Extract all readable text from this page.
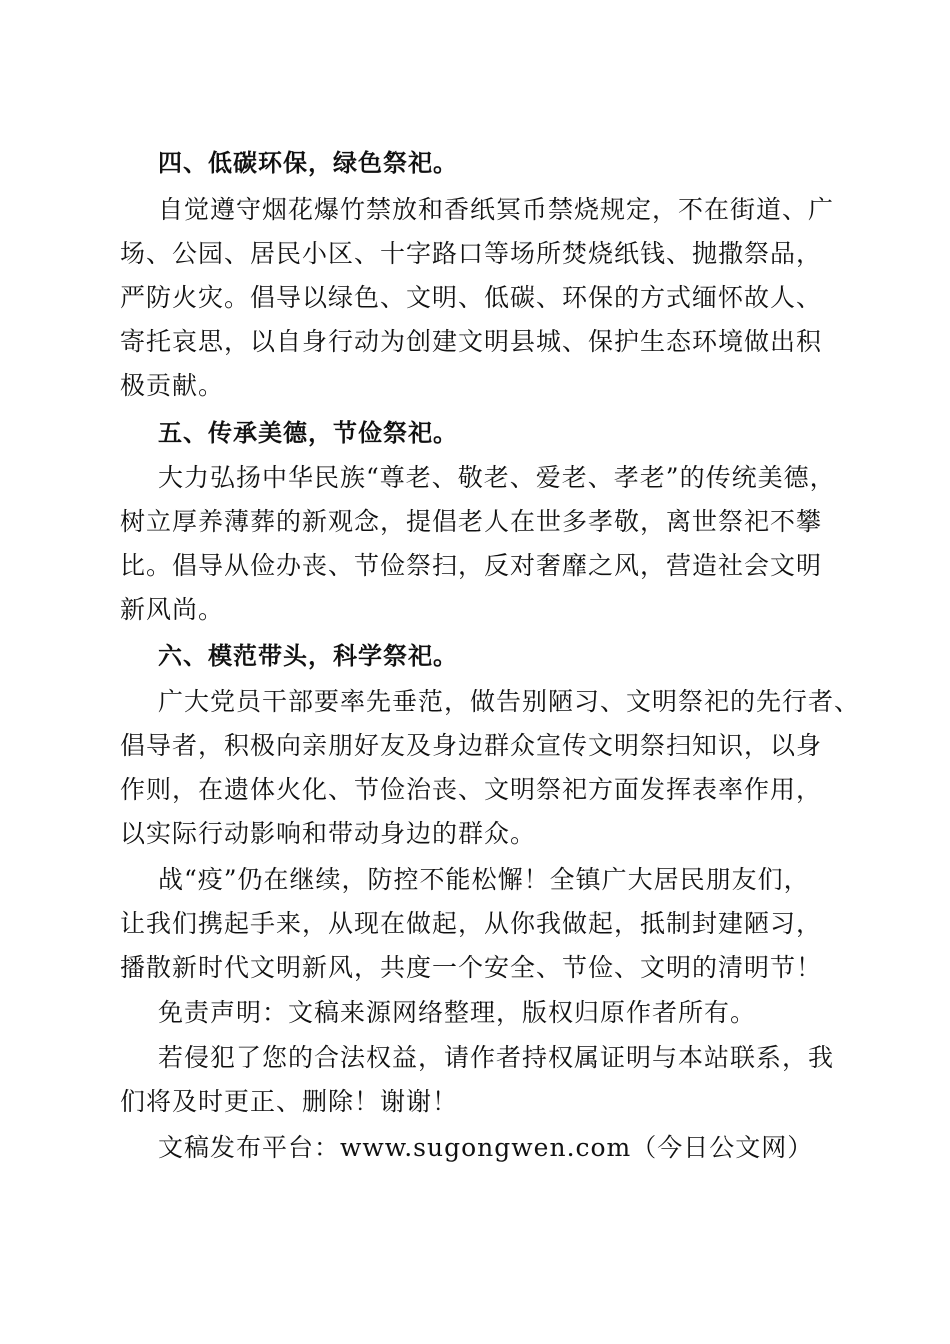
四、低碳环保，绿色祭祀。
自觉遵守烟花爆竹禁放和香纸冥币禁烧规定，不在街道、广
场、公园、居民小区、十字路口等场所焚烧纸钱、抛撒祭品，
严防火灾。倡导以绿色、文明、低碳、环保的方式缅怀故人、
寄托哀思，以自身行动为创建文明县城、保护生态环境做出积
极贡献。
五、传承美德，节俭祭祀。
大力弘扬中华民族“尊老、敬老、爱老、孝老”的传统美德，
树立厚养薄葬的新观念，提倡老人在世多孝敬，离世祭祀不攀
比。倡导从俭办丧、节俭祭扫，反对奢靡之风，营造社会文明
新风尚。
六、模范带头，科学祭祀。
广大党员干部要率先垂范，做告别陋习、文明祭祀的先行者、
倡导者，积极向亲朋好友及身边群众宣传文明祭扫知识，以身
作则，在遗体火化、节俭治丧、文明祭祀方面发挥表率作用，
以实际行动影响和带动身边的群众。
战“疫”仍在继续，防控不能松懈！全镇广大居民朋友们，
让我们携起手来，从现在做起，从你我做起，抵制封建陋习，
播散新时代文明新风，共度一个安全、节俭、文明的清明节！
免责声明：文稿来源网络整理，版权归原作者所有。
若侵犯了您的合法权益，请作者持权属证明与本站联系，我
们将及时更正、删除！谢谢！
文稿发布平台：www.sugongwen.com（今日公文网）
